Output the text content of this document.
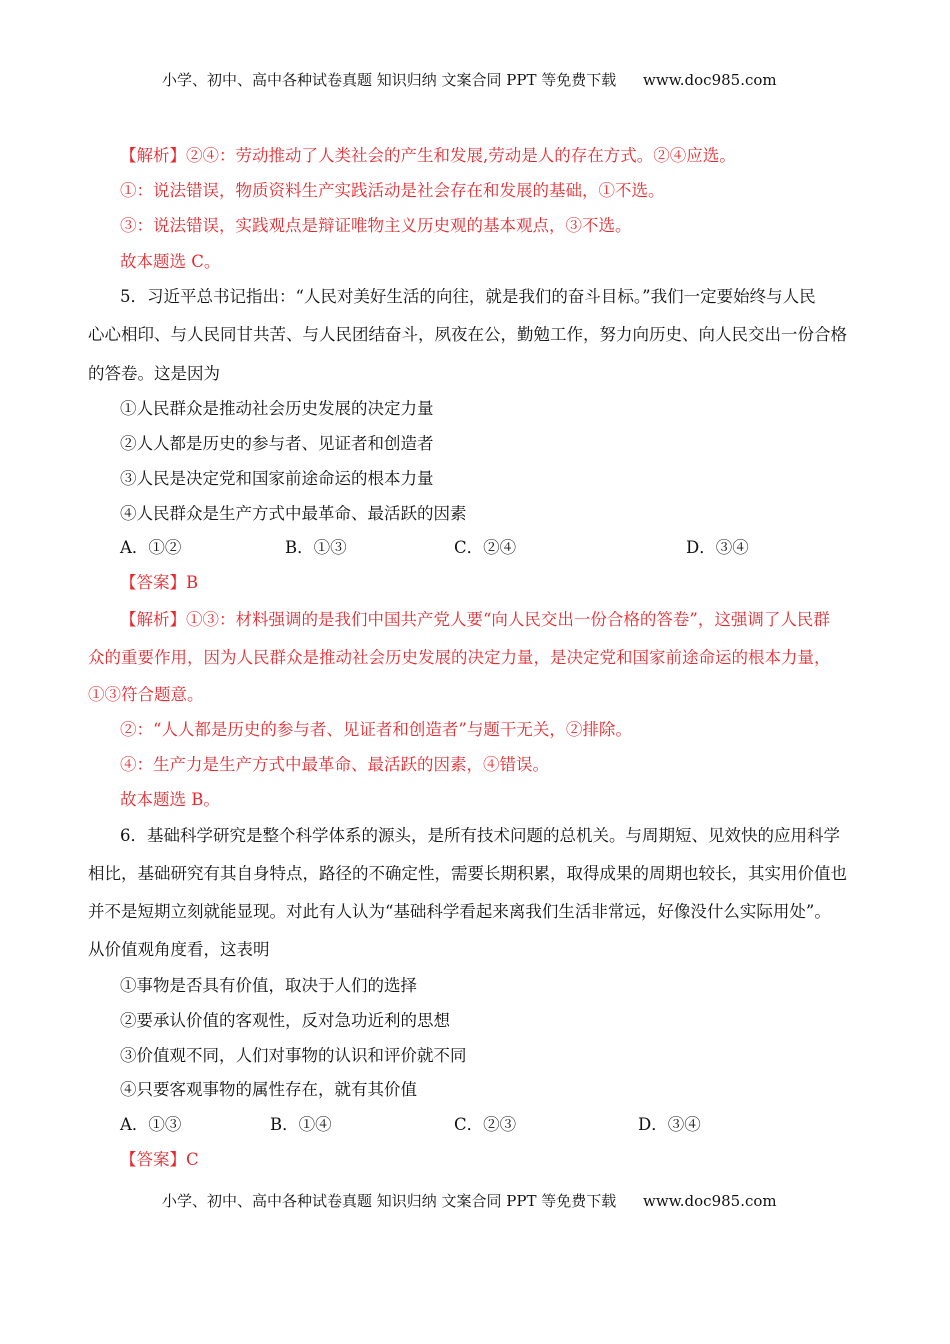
小学、初中、高中各种试卷真题 知识归纳 文案合同 PPT 等免费下载 www.doc985.com
【解析】②④：劳动推动了人类社会的产生和发展,劳动是人的存在方式。②④应选。
①：说法错误，物质资料生产实践活动是社会存在和发展的基础，①不选。
③：说法错误，实践观点是辩证唯物主义历史观的基本观点，③不选。
故本题选 C。
5．习近平总书记指出：“人民对美好生活的向往，就是我们的奋斗目标。”我们一定要始终与人民
心心相印、与人民同甘共苦、与人民团结奋斗，夙夜在公，勤勉工作，努力向历史、向人民交出一份合格
的答卷。这是因为
①人民群众是推动社会历史发展的决定力量
②人人都是历史的参与者、见证者和创造者
③人民是决定党和国家前途命运的根本力量
④人民群众是生产方式中最革命、最活跃的因素
A．①②	B．①③	C．②④	D．③④
【答案】B
【解析】①③：材料强调的是我们中国共产党人要“向人民交出一份合格的答卷”，这强调了人民群
众的重要作用，因为人民群众是推动社会历史发展的决定力量，是决定党和国家前途命运的根本力量，
①③符合题意。
②：“人人都是历史的参与者、见证者和创造者”与题干无关，②排除。
④：生产力是生产方式中最革命、最活跃的因素，④错误。
故本题选 B。
6．基础科学研究是整个科学体系的源头，是所有技术问题的总机关。与周期短、见效快的应用科学
相比，基础研究有其自身特点，路径的不确定性，需要长期积累，取得成果的周期也较长，其实用价值也
并不是短期立刻就能显现。对此有人认为“基础科学看起来离我们生活非常远，好像没什么实际用处”。
从价值观角度看，这表明
①事物是否具有价值，取决于人们的选择
②要承认价值的客观性，反对急功近利的思想
③价值观不同，人们对事物的认识和评价就不同
④只要客观事物的属性存在，就有其价值
A．①③	B．①④	C．②③	D．③④
【答案】C
小学、初中、高中各种试卷真题 知识归纳 文案合同 PPT 等免费下载 www.doc985.com
